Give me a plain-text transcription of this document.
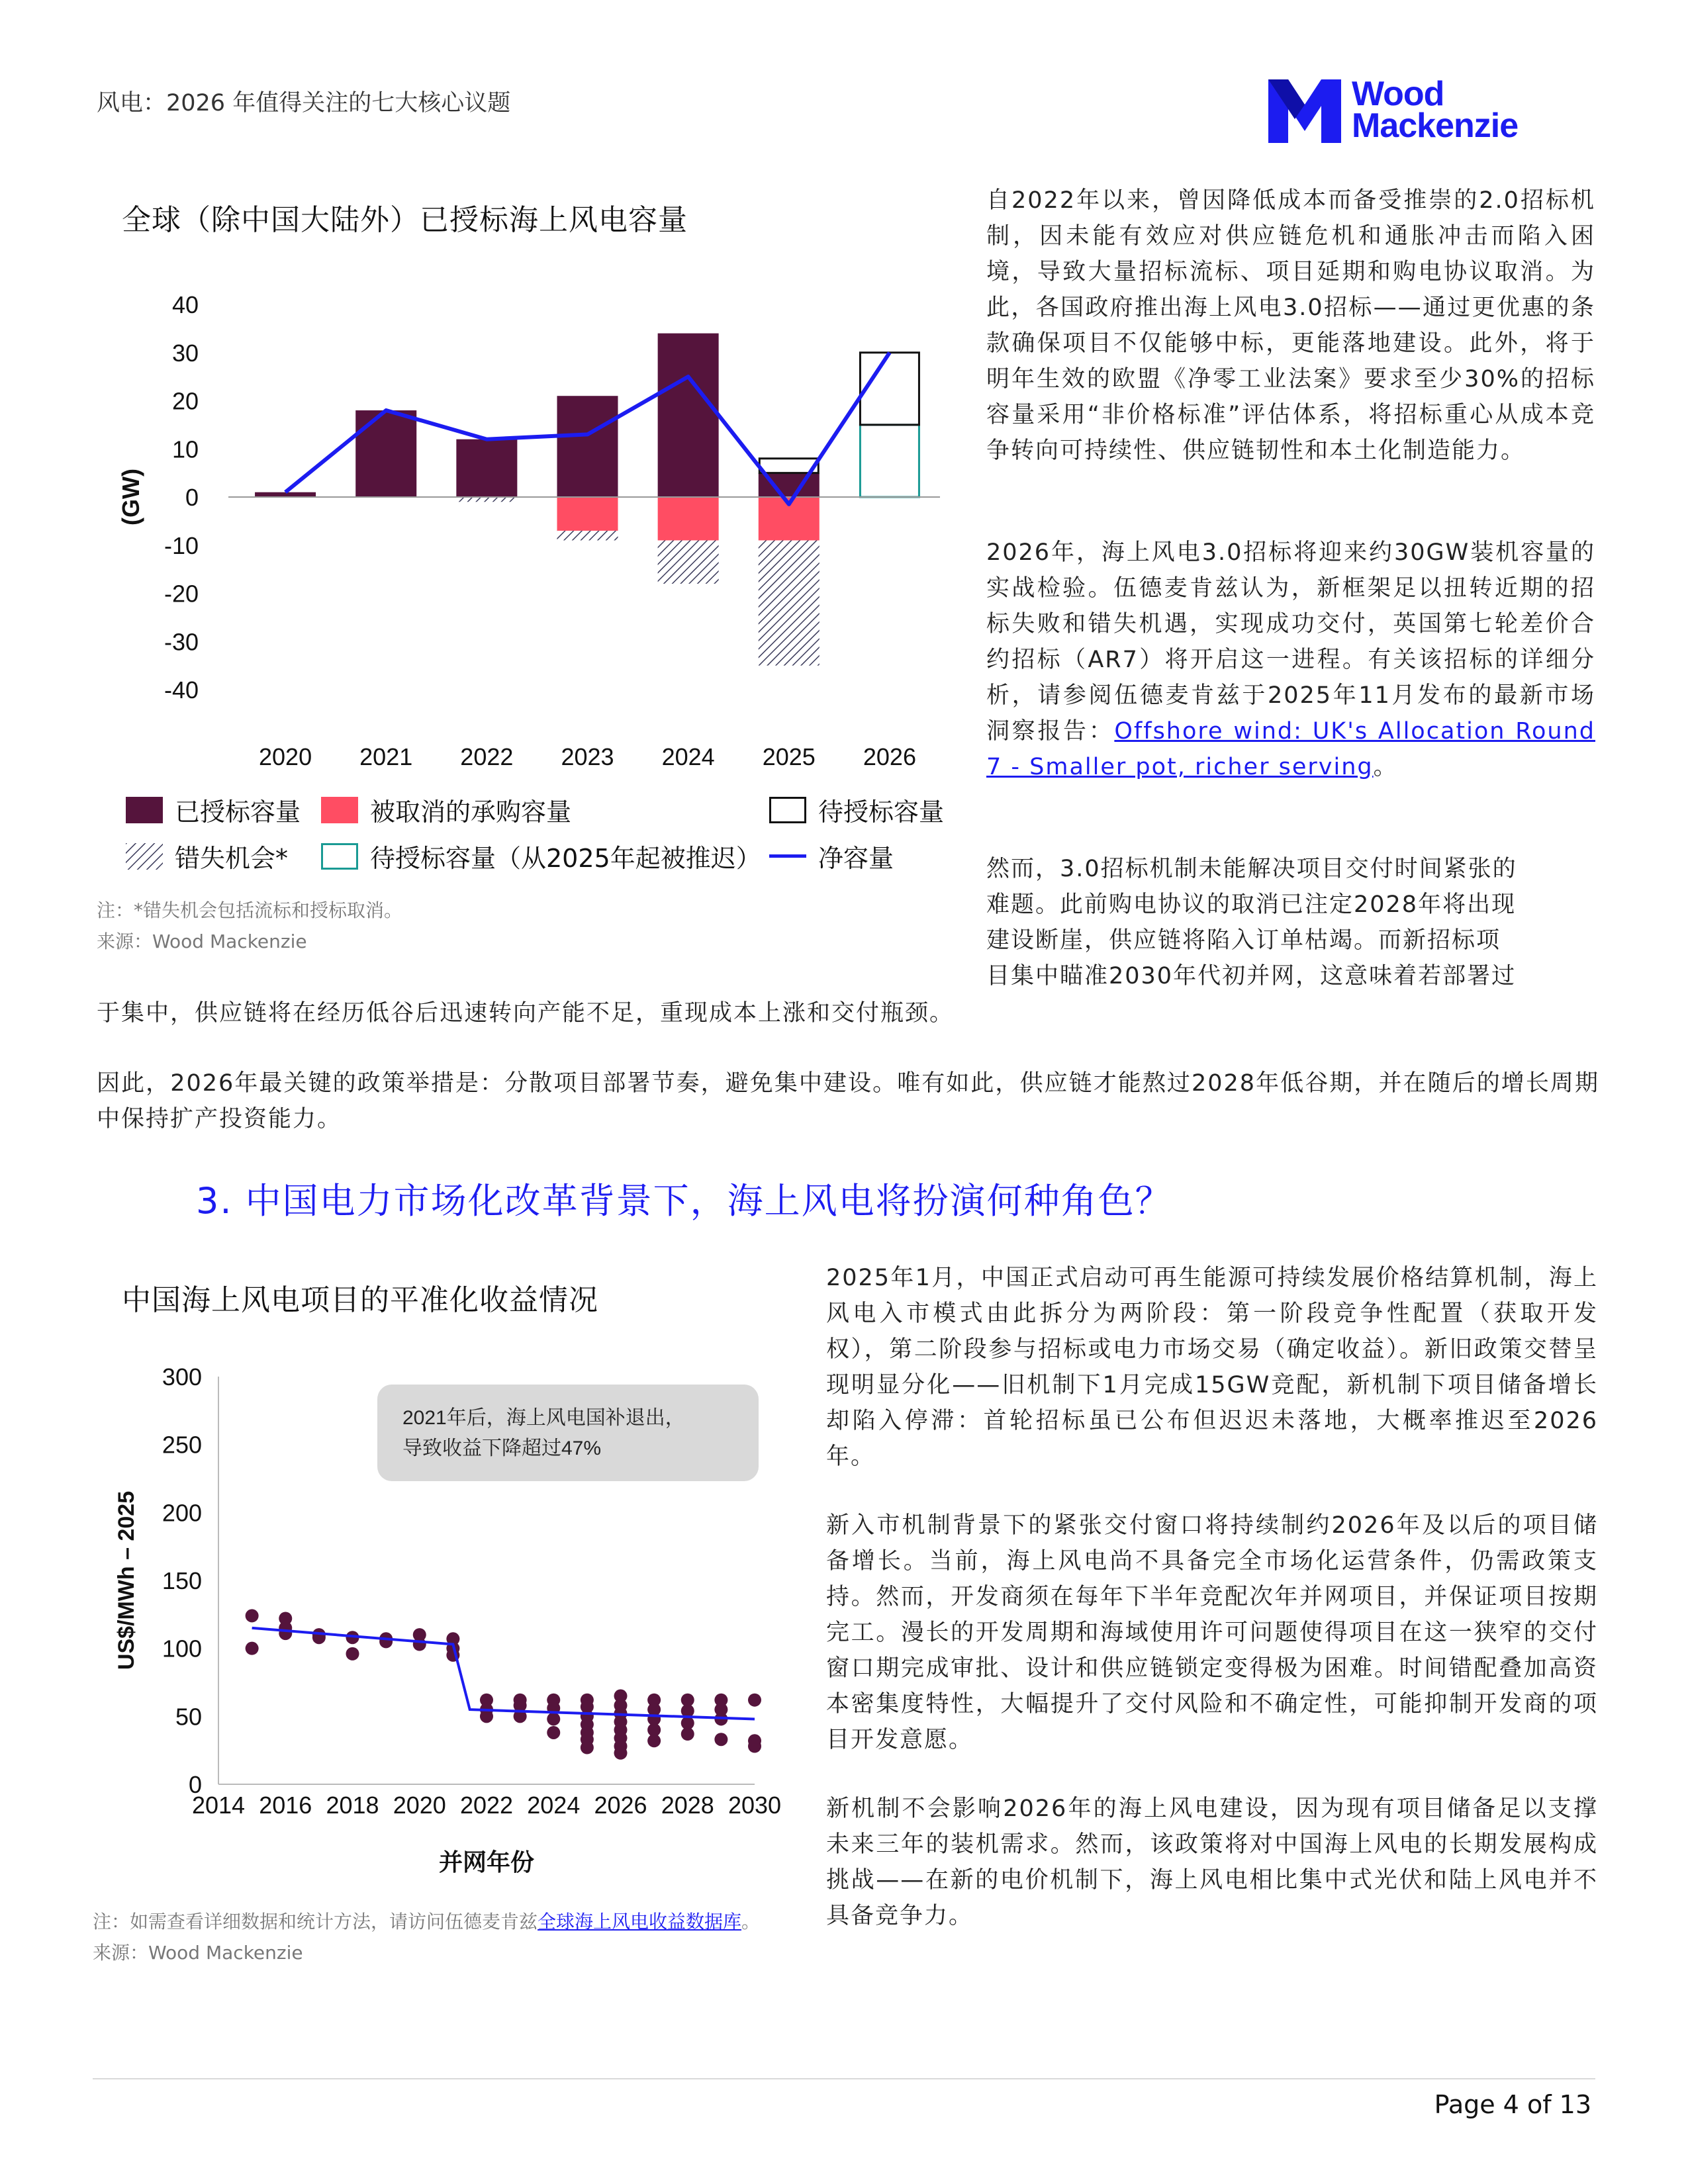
风电：2026 年值得关注的七大核心议题	Wood
Mackenzie
全球（除中国大陆外）已授标海上风电容量
40
30
20
10
0
-10
-20
-30
-40
(GW)
2020 2021 2022 2023 2024 2025 2026
已授标容量	被取消的承购容量	待授标容量
错失机会*	待授标容量（从2025年起被推迟） 净容量
注：*错失机会包括流标和授标取消。
来源：Wood Mackenzie
自2022年以来，曾因降低成本而备受推崇的2.0招标机制，因未能有效应对供应链危机和通胀冲击而陷入困境，导致大量招标流标、项目延期和购电协议取消。为此，各国政府推出海上风电3.0招标——通过更优惠的条款确保项目不仅能够中标，更能落地建设。此外，将于明年生效的欧盟《净零工业法案》要求至少30%的招标容量采用“非价格标准”评估体系，将招标重心从成本竞争转向可持续性、供应链韧性和本土化制造能力。
2026年，海上风电3.0招标将迎来约30GW装机容量的实战检验。伍德麦肯兹认为，新框架足以扭转近期的招标失败和错失机遇，实现成功交付，英国第七轮差价合约招标（AR7）将开启这一进程。有关该招标的详细分析，请参阅伍德麦肯兹于2025年11月发布的最新市场洞察报告：Offshore wind: UK's Allocation Round 7 - Smaller pot, richer serving。
然而，3.0招标机制未能解决项目交付时间紧张的
难题。此前购电协议的取消已注定2028年将出现
建设断崖，供应链将陷入订单枯竭。而新招标项
目集中瞄准2030年代初并网，这意味着若部署过
于集中，供应链将在经历低谷后迅速转向产能不足，重现成本上涨和交付瓶颈。
因此，2026年最关键的政策举措是：分散项目部署节奏，避免集中建设。唯有如此，供应链才能熬过2028年低谷期，并在随后的增长周期中保持扩产投资能力。
3. 中国电力市场化改革背景下，海上风电将扮演何种角色？
中国海上风电项目的平准化收益情况
0
50
100
150
200
250
300
2014 2016 2018 2020 2022 2024 2026 2028 2030
US$/MWh – 2025
并网年份
2021年后，海上风电国补退出，
导致收益下降超过47%
注：如需查看详细数据和统计方法，请访问伍德麦肯兹全球海上风电收益数据库。
来源：Wood Mackenzie
2025年1月，中国正式启动可再生能源可持续发展价格结算机制，海上风电入市模式由此拆分为两阶段：第一阶段竞争性配置（获取开发权），第二阶段参与招标或电力市场交易（确定收益）。新旧政策交替呈现明显分化——旧机制下1月完成15GW竞配，新机制下项目储备增长却陷入停滞：首轮招标虽已公布但迟迟未落地，大概率推迟至2026年。
新入市机制背景下的紧张交付窗口将持续制约2026年及以后的项目储备增长。当前，海上风电尚不具备完全市场化运营条件，仍需政策支持。然而，开发商须在每年下半年竞配次年并网项目，并保证项目按期完工。漫长的开发周期和海域使用许可问题使得项目在这一狭窄的交付窗口期完成审批、设计和供应链锁定变得极为困难。时间错配叠加高资本密集度特性，大幅提升了交付风险和不确定性，可能抑制开发商的项目开发意愿。
新机制不会影响2026年的海上风电建设，因为现有项目储备足以支撑未来三年的装机需求。然而，该政策将对中国海上风电的长期发展构成挑战——在新的电价机制下，海上风电相比集中式光伏和陆上风电并不具备竞争力。
Page 4 of 13
